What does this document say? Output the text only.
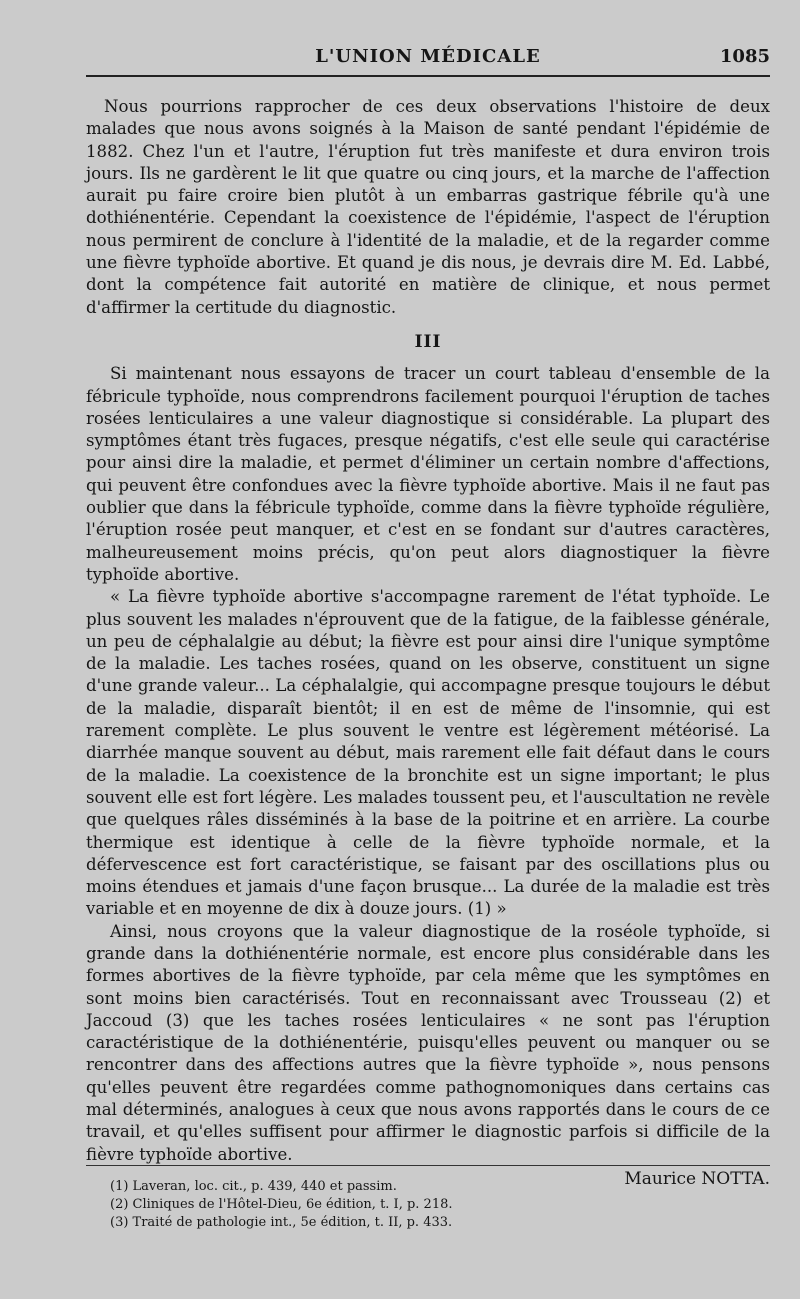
L'UNION MÉDICALE	1085

Nous pourrions rapprocher de ces deux observations l'histoire de deux malades que nous avons soignés à la Maison de santé pendant l'épidémie de 1882. Chez l'un et l'autre, l'éruption fut très manifeste et dura environ trois jours. Ils ne gardèrent le lit que quatre ou cinq jours, et la marche de l'affection aurait pu faire croire bien plutôt à un embarras gastrique fébrile qu'à une dothiénentérie. Cependant la coexistence de l'épidémie, l'aspect de l'éruption nous permirent de conclure à l'identité de la maladie, et de la regarder comme une fièvre typhoïde abortive. Et quand je dis nous, je devrais dire M. Ed. Labbé, dont la compétence fait autorité en matière de clinique, et nous permet d'affirmer la certitude du diagnostic.

III

Si maintenant nous essayons de tracer un court tableau d'ensemble de la fébricule typhoïde, nous comprendrons facilement pourquoi l'éruption de taches rosées lenticulaires a une valeur diagnostique si considérable. La plupart des symptômes étant très fugaces, presque négatifs, c'est elle seule qui caractérise pour ainsi dire la maladie, et permet d'éliminer un certain nombre d'affections, qui peuvent être confondues avec la fièvre typhoïde abortive. Mais il ne faut pas oublier que dans la fébricule typhoïde, comme dans la fièvre typhoïde régulière, l'éruption rosée peut manquer, et c'est en se fondant sur d'autres caractères, malheureusement moins précis, qu'on peut alors diagnostiquer la fièvre typhoïde abortive.

« La fièvre typhoïde abortive s'accompagne rarement de l'état typhoïde. Le plus souvent les malades n'éprouvent que de la fatigue, de la faiblesse générale, un peu de céphalalgie au début; la fièvre est pour ainsi dire l'unique symptôme de la maladie. Les taches rosées, quand on les observe, constituent un signe d'une grande valeur... La céphalalgie, qui accompagne presque toujours le début de la maladie, disparaît bientôt; il en est de même de l'insomnie, qui est rarement complète. Le plus souvent le ventre est légèrement météorisé. La diarrhée manque souvent au début, mais rarement elle fait défaut dans le cours de la maladie. La coexistence de la bronchite est un signe important; le plus souvent elle est fort légère. Les malades toussent peu, et l'auscultation ne revèle que quelques râles disséminés à la base de la poitrine et en arrière. La courbe thermique est identique à celle de la fièvre typhoïde normale, et la défervescence est fort caractéristique, se faisant par des oscillations plus ou moins étendues et jamais d'une façon brusque... La durée de la maladie est très variable et en moyenne de dix à douze jours. (1) »

Ainsi, nous croyons que la valeur diagnostique de la roséole typhoïde, si grande dans la dothiénentérie normale, est encore plus considérable dans les formes abortives de la fièvre typhoïde, par cela même que les symptômes en sont moins bien caractérisés. Tout en reconnaissant avec Trousseau (2) et Jaccoud (3) que les taches rosées lenticulaires « ne sont pas l'éruption caractéristique de la dothiénentérie, puisqu'elles peuvent ou manquer ou se rencontrer dans des affections autres que la fièvre typhoïde », nous pensons qu'elles peuvent être regardées comme pathognomoniques dans certains cas mal déterminés, analogues à ceux que nous avons rapportés dans le cours de ce travail, et qu'elles suffisent pour affirmer le diagnostic parfois si difficile de la fièvre typhoïde abortive.

Maurice NOTTA.
(1) Laveran, loc. cit., p. 439, 440 et passim.
(2) Cliniques de l'Hôtel-Dieu, 6e édition, t. I, p. 218.
(3) Traité de pathologie int., 5e édition, t. II, p. 433.
